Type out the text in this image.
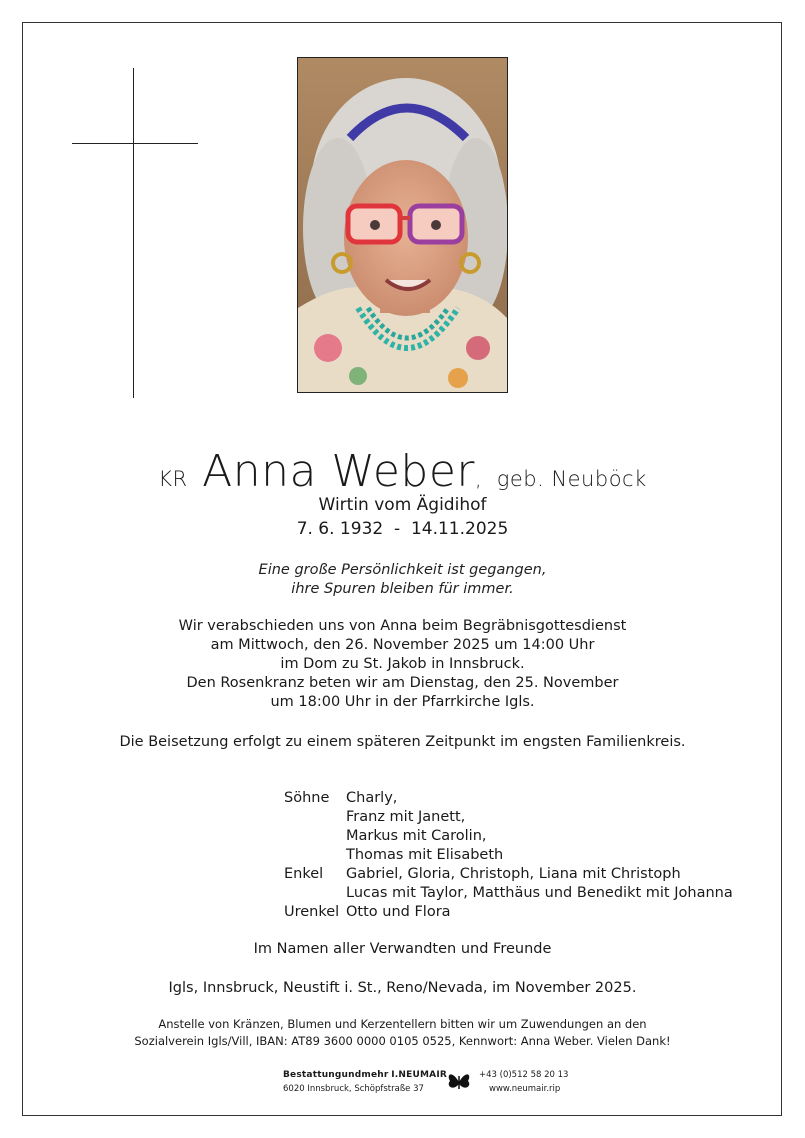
KR Anna Weber, geb. Neuböck
Wirtin vom Ägidihof
7. 6. 1932  -  14.11.2025
Eine große Persönlichkeit ist gegangen,
ihre Spuren bleiben für immer.
Wir verabschieden uns von Anna beim Begräbnisgottesdienst
am Mittwoch, den 26. November 2025 um 14:00 Uhr
im Dom zu St. Jakob in Innsbruck.
Den Rosenkranz beten wir am Dienstag, den 25. November
um 18:00 Uhr in der Pfarrkirche Igls.
Die Beisetzung erfolgt zu einem späteren Zeitpunkt im engsten Familienkreis.
Söhne	Charly,
Franz mit Janett,
Markus mit Carolin,
Thomas mit Elisabeth
Enkel	Gabriel, Gloria, Christoph, Liana mit Christoph
Lucas mit Taylor, Matthäus und Benedikt mit Johanna
Urenkel Otto und Flora
Im Namen aller Verwandten und Freunde
Igls, Innsbruck, Neustift i. St., Reno/Nevada, im November 2025.
Anstelle von Kränzen, Blumen und Kerzentellern bitten wir um Zuwendungen an den
Sozialverein Igls/Vill, IBAN: AT89 3600 0000 0105 0525, Kennwort: Anna Weber. Vielen Dank!
Bestattungundmehr I.NEUMAIR
6020 Innsbruck, Schöpfstraße 37
+43 (0)512 58 20 13
www.neumair.rip
